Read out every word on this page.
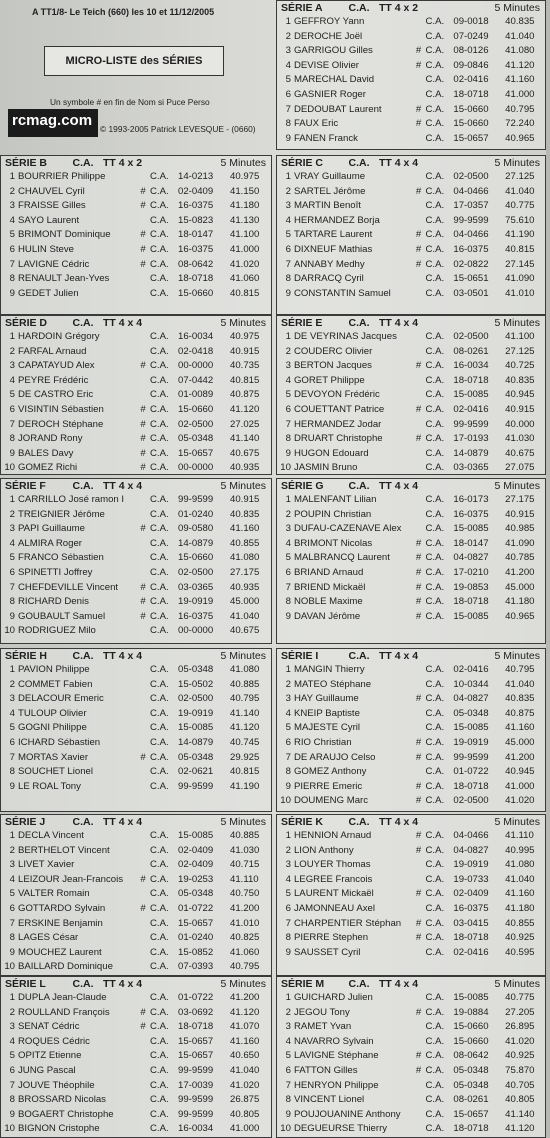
A TT1/8- Le Teich (660) les 10 et 11/12/2005
MICRO-LISTE des SÉRIES
Un symbole # en fin de Nom si Puce Perso
rcmag.com © 1993-2005 Patrick LEVESQUE - (0660)
SÉRIE A	C.A. TT 4 x 2	5 Minutes
1 GEFFROY Yann	C.A. 09-0018	40.835
2 DEROCHE Joël	C.A. 07-0249	41.040
3 GARRIGOU Gilles	# C.A. 08-0126	41.080
4 DEVISE Olivier	# C.A. 09-0846	41.120
5 MARECHAL David	C.A. 02-0416	41.160
6 GASNIER Roger	C.A. 18-0718	41.000
7 DEDOUBAT Laurent	# C.A. 15-0660	40.795
8 FAUX Eric	# C.A. 15-0660	72.240
9 FANEN Franck	C.A. 15-0657	40.965
SÉRIE B	C.A. TT 4 x 2	5 Minutes
1 BOURRIER Philippe	C.A. 14-0213	40.975
2 CHAUVEL Cyril	# C.A. 02-0409	41.150
3 FRAISSE Gilles	# C.A. 16-0375	41.180
4 SAYO Laurent	C.A. 15-0823	41.130
5 BRIMONT Dominique	# C.A. 18-0147	41.100
6 HULIN Steve	# C.A. 16-0375	41.000
7 LAVIGNE Cédric	# C.A. 08-0642	41.020
8 RENAULT Jean-Yves	C.A. 18-0718	41.060
9 GEDET Julien	C.A. 15-0660	40.815
SÉRIE C	C.A. TT 4 x 4	5 Minutes
1 VRAY Guillaume	C.A. 02-0500	27.125
2 SARTEL Jérôme	# C.A. 04-0466	41.040
3 MARTIN Benoît	C.A. 17-0357	40.775
4 HERMANDEZ Borja	C.A. 99-9599	75.610
5 TARTARE Laurent	# C.A. 04-0466	41.190
6 DIXNEUF Mathias	# C.A. 16-0375	40.815
7 ANNABY Medhy	# C.A. 02-0822	27.145
8 DARRACQ Cyril	C.A. 15-0651	41.090
9 CONSTANTIN Samuel	C.A. 03-0501	41.010
SÉRIE D	C.A. TT 4 x 4	5 Minutes
1 HARDOIN Grégory	C.A. 16-0034	40.975
2 FARFAL Arnaud	C.A. 02-0418	40.915
3 CAPATAYUD Alex	# C.A. 00-0000	40.735
4 PEYRE Frédéric	C.A. 07-0442	40.815
5 DE CASTRO Eric	C.A. 01-0089	40.875
6 VISINTIN Sébastien	# C.A. 15-0660	41.120
7 DEROCH Stéphane	# C.A. 02-0500	27.025
8 JORAND Rony	# C.A. 05-0348	41.140
9 BALES Davy	# C.A. 15-0657	40.675
10 GOMEZ Richi	# C.A. 00-0000	40.935
SÉRIE E	C.A. TT 4 x 4	5 Minutes
1 DE VEYRINAS Jacques	C.A. 02-0500	41.100
2 COUDERC Olivier	C.A. 08-0261	27.125
3 BERTON Jacques	# C.A. 16-0034	40.725
4 GORET Philippe	C.A. 18-0718	40.835
5 DEVOYON Frédéric	C.A. 15-0085	40.945
6 COUETTANT Patrice	# C.A. 02-0416	40.915
7 HERMANDEZ Jodar	C.A. 99-9599	40.000
8 DRUART Christophe	# C.A. 17-0193	41.030
9 HUGON Edouard	C.A. 14-0879	40.675
10 JASMIN Bruno	C.A. 03-0365	27.075
SÉRIE F	C.A. TT 4 x 4	5 Minutes
1 CARRILLO José ramon I	C.A. 99-9599	40.915
2 TREIGNIER Jérôme	C.A. 01-0240	40.835
3 PAPI Guillaume	# C.A. 09-0580	41.160
4 ALMIRA Roger	C.A. 14-0879	40.855
5 FRANCO Sébastien	C.A. 15-0660	41.080
6 SPINETTI Joffrey	C.A. 02-0500	27.175
7 CHEFDEVILLE Vincent	# C.A. 03-0365	40.935
8 RICHARD Denis	# C.A. 19-0919	45.000
9 GOUBAULT Samuel	# C.A. 16-0375	41.040
10 RODRIGUEZ Milo	C.A. 00-0000	40.675
SÉRIE G	C.A. TT 4 x 4	5 Minutes
1 MALENFANT Lilian	C.A. 16-0173	27.175
2 POUPIN Christian	C.A. 16-0375	40.915
3 DUFAU-CAZENAVE Alex	C.A. 15-0085	40.985
4 BRIMONT Nicolas	# C.A. 18-0147	41.090
5 MALBRANCQ Laurent	# C.A. 04-0827	40.785
6 BRIAND Arnaud	# C.A. 17-0210	41.200
7 BRIEND Mickaël	# C.A. 19-0853	45.000
8 NOBLE Maxime	# C.A. 18-0718	41.180
9 DAVAN Jérôme	# C.A. 15-0085	40.965
SÉRIE H	C.A. TT 4 x 4	5 Minutes
1 PAVION Philippe	C.A. 05-0348	41.080
2 COMMET Fabien	C.A. 15-0502	40.885
3 DELACOUR Emeric	C.A. 02-0500	40.795
4 TULOUP Olivier	C.A. 19-0919	41.140
5 GOGNI Philippe	C.A. 15-0085	41.120
6 ICHARD Sébastien	C.A. 14-0879	40.745
7 MORTAS Xavier	# C.A. 05-0348	29.925
8 SOUCHET Lionel	C.A. 02-0621	40.815
9 LE ROAL Tony	C.A. 99-9599	41.190
SÉRIE I	C.A. TT 4 x 4	5 Minutes
1 MANGIN Thierry	C.A. 02-0416	40.795
2 MATEO Stéphane	C.A. 10-0344	41.040
3 HAY Guillaume	# C.A. 04-0827	40.835
4 KNEIP Baptiste	C.A. 05-0348	40.875
5 MAJESTE Cyril	C.A. 15-0085	41.160
6 RIO Christian	# C.A. 19-0919	45.000
7 DE ARAUJO Celso	# C.A. 99-9599	41.200
8 GOMEZ Anthony	C.A. 01-0722	40.945
9 PIERRE Emeric	# C.A. 18-0718	41.000
10 DOUMENG Marc	# C.A. 02-0500	41.020
SÉRIE J	C.A. TT 4 x 4	5 Minutes
1 DECLA Vincent	C.A. 15-0085	40.885
2 BERTHELOT Vincent	C.A. 02-0409	41.030
3 LIVET Xavier	C.A. 02-0409	40.715
4 LEIZOUR Jean-Francois	# C.A. 19-0253	41.110
5 VALTER Romain	C.A. 05-0348	40.750
6 GOTTARDO Sylvain	# C.A. 01-0722	41.200
7 ERSKINE Benjamin	C.A. 15-0657	41.010
8 LAGES César	C.A. 01-0240	40.825
9 MOUCHEZ Laurent	C.A. 15-0852	41.060
10 BAILLARD Dominique	C.A. 07-0393	40.795
SÉRIE K	C.A. TT 4 x 4	5 Minutes
1 HENNION Arnaud	# C.A. 04-0466	41.110
2 LION Anthony	# C.A. 04-0827	40.995
3 LOUYER Thomas	C.A. 19-0919	41.080
4 LEGREE Francois	C.A. 19-0733	41.040
5 LAURENT Mickaël	# C.A. 02-0409	41.160
6 JAMONNEAU Axel	C.A. 16-0375	41.180
7 CHARPENTIER Stéphan	# C.A. 03-0415	40.855
8 PIERRE Stephen	# C.A. 18-0718	40.925
9 SAUSSET Cyril	C.A. 02-0416	40.595
SÉRIE L	C.A. TT 4 x 4	5 Minutes
1 DUPLA Jean-Claude	C.A. 01-0722	41.200
2 ROULLAND François	# C.A. 03-0692	41.120
3 SENAT Cédric	# C.A. 18-0718	41.070
4 ROQUES Cédric	C.A. 15-0657	41.160
5 OPITZ Etienne	C.A. 15-0657	40.650
6 JUNG Pascal	C.A. 99-9599	41.040
7 JOUVE Théophile	C.A. 17-0039	41.020
8 BROSSARD Nicolas	C.A. 99-9599	26.875
9 BOGAERT Christophe	C.A. 99-9599	40.805
10 BIGNON Cristophe	C.A. 16-0034	41.000
SÉRIE M	C.A. TT 4 x 4	5 Minutes
1 GUICHARD Julien	C.A. 15-0085	40.775
2 JEGOU Tony	# C.A. 19-0884	27.205
3 RAMET Yvan	C.A. 15-0660	26.895
4 NAVARRO Sylvain	C.A. 15-0660	41.020
5 LAVIGNE Stéphane	# C.A. 08-0642	40.925
6 FATTON Gilles	# C.A. 05-0348	75.870
7 HENRYON Philippe	C.A. 05-0348	40.705
8 VINCENT Lionel	C.A. 08-0261	40.805
9 POUJOUANINE Anthony	C.A. 15-0657	41.140
10 DEGUEURSE Thierry	C.A. 18-0718	41.120
